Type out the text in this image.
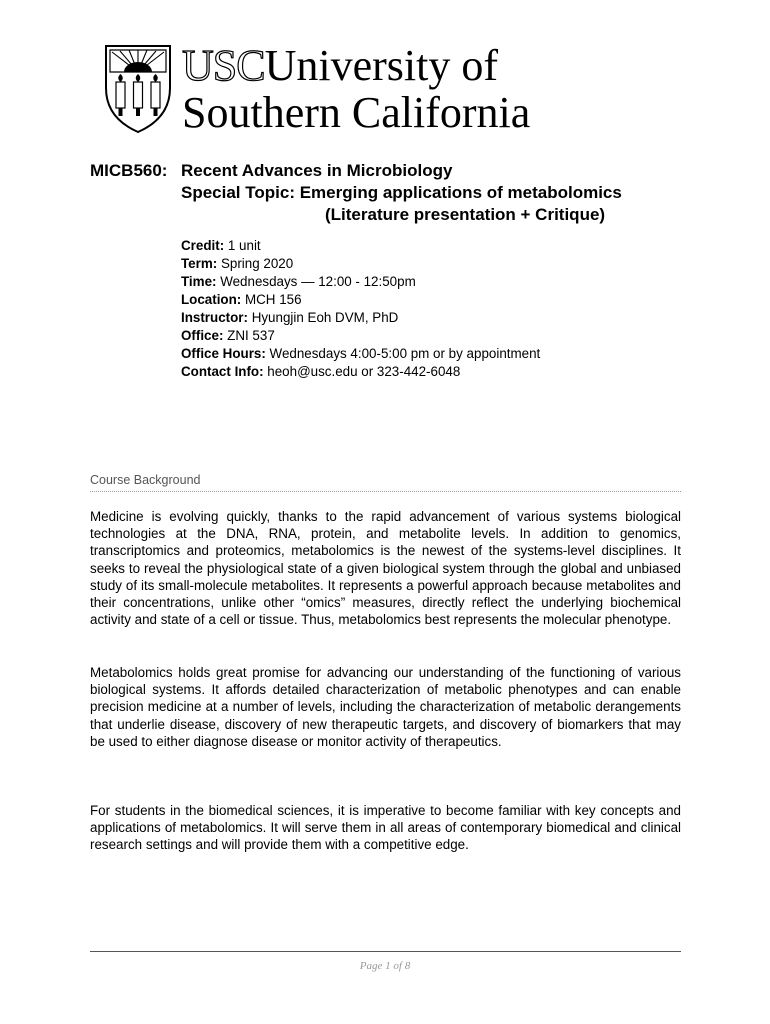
USCUniversity of
Southern California
MICB560: Recent Advances in Microbiology
Special Topic: Emerging applications of metabolomics
(Literature presentation + Critique)
Credit: 1 unit
Term: Spring 2020
Time: Wednesdays — 12:00 - 12:50pm
Location: MCH 156
Instructor: Hyungjin Eoh DVM, PhD
Office: ZNI 537
Office Hours: Wednesdays 4:00-5:00 pm or by appointment
Contact Info: heoh@usc.edu or 323-442-6048
Course Background

Medicine is evolving quickly, thanks to the rapid advancement of various systems biological technologies at the DNA, RNA, protein, and metabolite levels. In addition to genomics, transcriptomics and proteomics, metabolomics is the newest of the systems-level disciplines. It seeks to reveal the physiological state of a given biological system through the global and unbiased study of its small-molecule metabolites. It represents a powerful approach because metabolites and their concentrations, unlike other “omics” measures, directly reflect the underlying biochemical activity and state of a cell or tissue. Thus, metabolomics best represents the molecular phenotype.

Metabolomics holds great promise for advancing our understanding of the functioning of various biological systems. It affords detailed characterization of metabolic phenotypes and can enable precision medicine at a number of levels, including the characterization of metabolic derangements that underlie disease, discovery of new therapeutic targets, and discovery of biomarkers that may be used to either diagnose disease or monitor activity of therapeutics.

For students in the biomedical sciences, it is imperative to become familiar with key concepts and applications of metabolomics. It will serve them in all areas of contemporary biomedical and clinical research settings and will provide them with a competitive edge.

Page 1 of 8
